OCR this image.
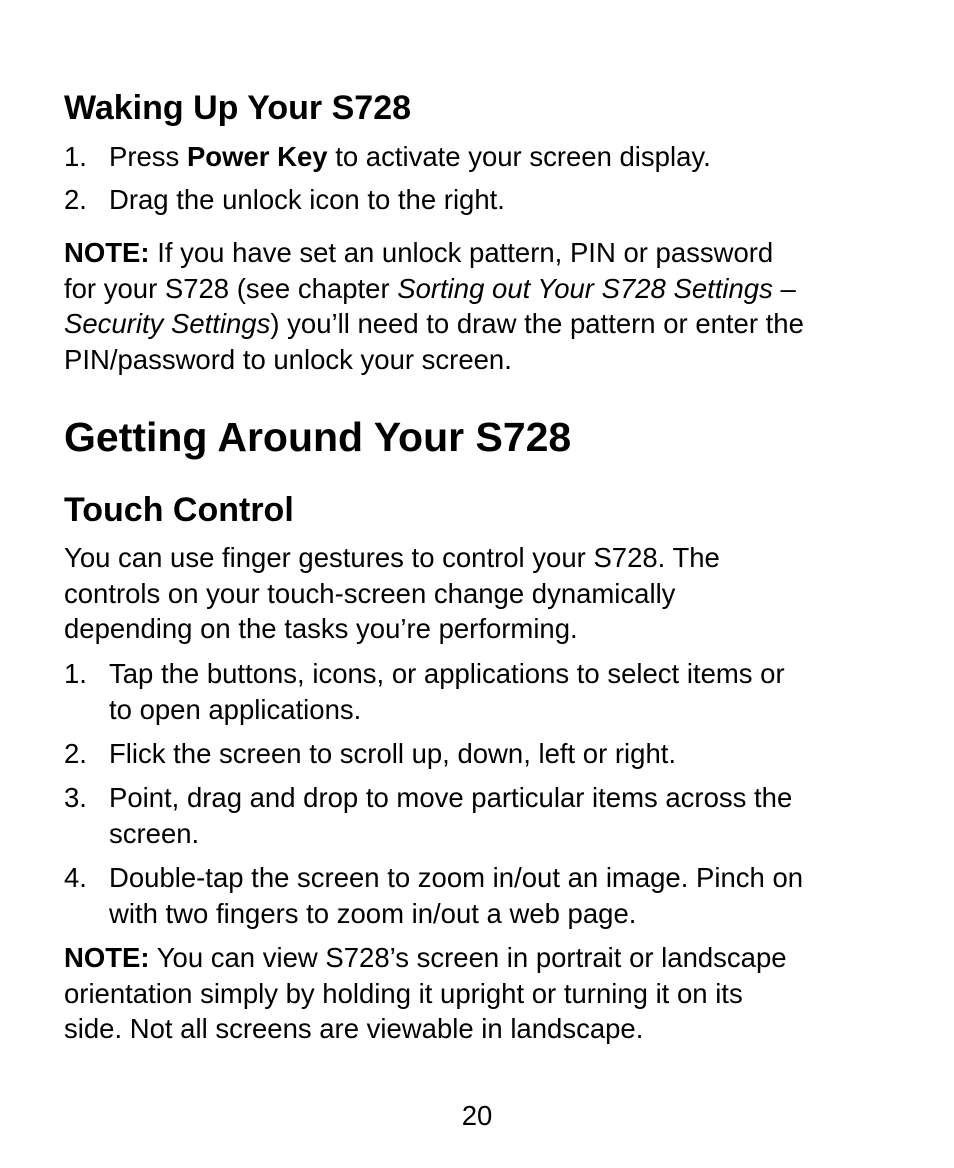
Waking Up Your S728
1. Press Power Key to activate your screen display.
2. Drag the unlock icon to the right.
NOTE: If you have set an unlock pattern, PIN or password
for your S728 (see chapter Sorting out Your S728 Settings –
Security Settings) you’ll need to draw the pattern or enter the
PIN/password to unlock your screen.
Getting Around Your S728
Touch Control
You can use finger gestures to control your S728. The
controls on your touch-screen change dynamically
depending on the tasks you’re performing.
1. Tap the buttons, icons, or applications to select items or
to open applications.
2. Flick the screen to scroll up, down, left or right.
3. Point, drag and drop to move particular items across the
screen.
4. Double-tap the screen to zoom in/out an image. Pinch on
with two fingers to zoom in/out a web page.
NOTE: You can view S728’s screen in portrait or landscape
orientation simply by holding it upright or turning it on its
side. Not all screens are viewable in landscape.
20
